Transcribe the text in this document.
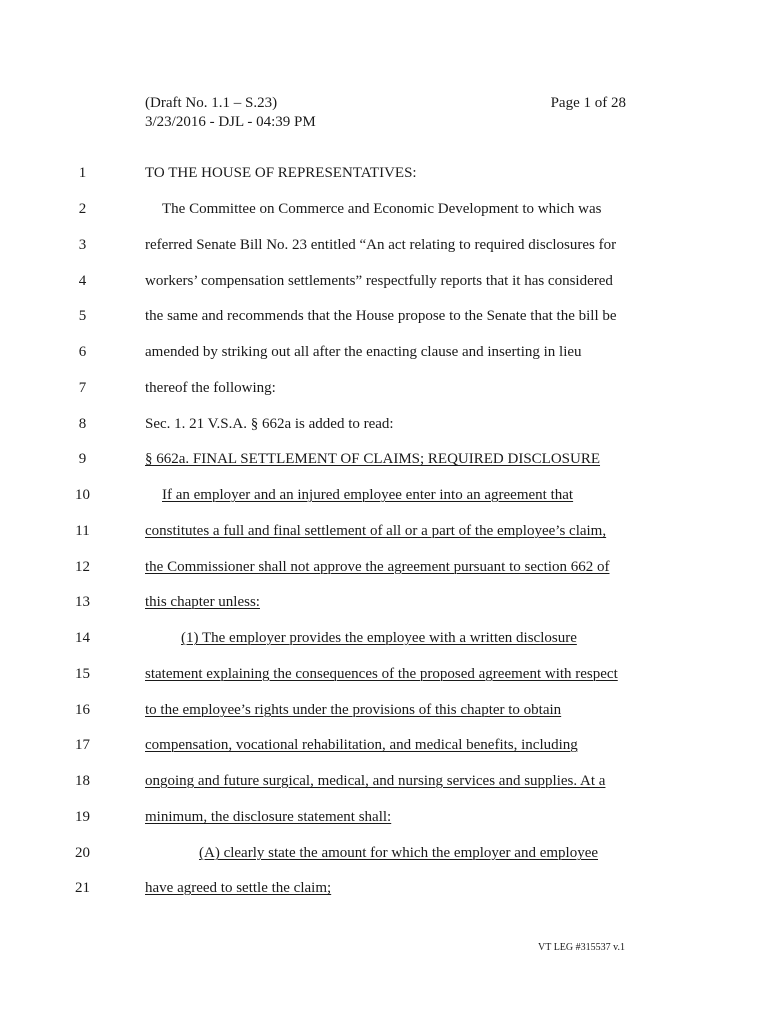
(Draft No. 1.1 – S.23)
3/23/2016 - DJL - 04:39 PM
Page 1 of 28
1	TO THE HOUSE OF REPRESENTATIVES:
2	The Committee on Commerce and Economic Development to which was
3	referred Senate Bill No. 23 entitled “An act relating to required disclosures for
4	workers’ compensation settlements” respectfully reports that it has considered
5	the same and recommends that the House propose to the Senate that the bill be
6	amended by striking out all after the enacting clause and inserting in lieu
7	thereof the following:
8	Sec. 1. 21 V.S.A. § 662a is added to read:
9	§ 662a. FINAL SETTLEMENT OF CLAIMS; REQUIRED DISCLOSURE
10	If an employer and an injured employee enter into an agreement that
11	constitutes a full and final settlement of all or a part of the employee’s claim,
12	the Commissioner shall not approve the agreement pursuant to section 662 of
13	this chapter unless:
14	(1) The employer provides the employee with a written disclosure
15	statement explaining the consequences of the proposed agreement with respect
16	to the employee’s rights under the provisions of this chapter to obtain
17	compensation, vocational rehabilitation, and medical benefits, including
18	ongoing and future surgical, medical, and nursing services and supplies. At a
19	minimum, the disclosure statement shall:
20	(A) clearly state the amount for which the employer and employee
21	have agreed to settle the claim;
VT LEG #315537 v.1
